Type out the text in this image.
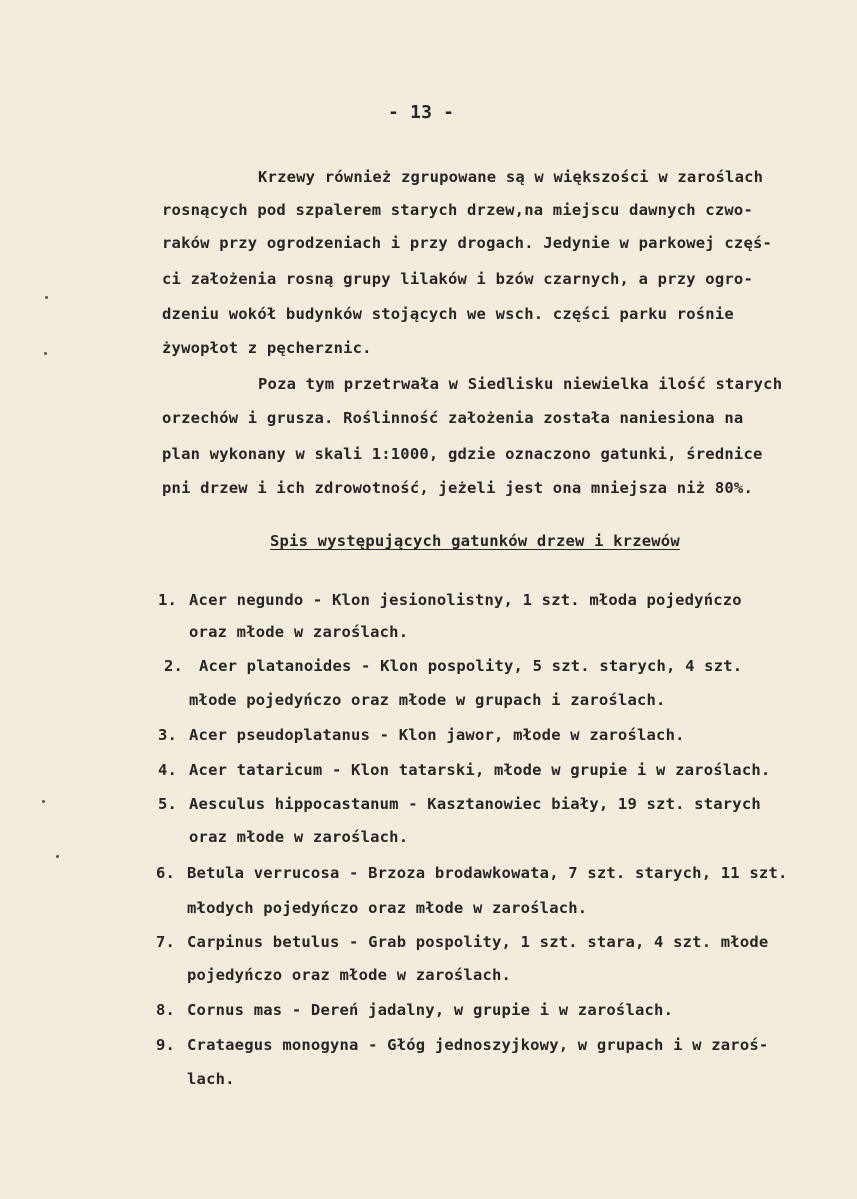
- 13 -
Krzewy również zgrupowane są w większości w zaroślach
rosnących pod szpalerem starych drzew,na miejscu dawnych czwo-
raków przy ogrodzeniach i przy drogach. Jedynie w parkowej częś-
ci założenia rosną grupy lilaków i bzów czarnych, a przy ogro-
dzeniu wokół budynków stojących we wsch. części parku rośnie
żywopłot z pęcherznic.
Poza tym przetrwała w Siedlisku niewielka ilość starych
orzechów i grusza. Roślinność założenia została naniesiona na
plan wykonany w skali 1:1000, gdzie oznaczono gatunki, średnice
pni drzew i ich zdrowotność, jeżeli jest ona mniejsza niż 80%.
Spis występujących gatunków drzew i krzewów
1. Acer negundo - Klon jesionolistny, 1 szt. młoda pojedyńczo
oraz młode w zaroślach.
2. Acer platanoides - Klon pospolity, 5 szt. starych, 4 szt.
młode pojedyńczo oraz młode w grupach i zaroślach.
3. Acer pseudoplatanus - Klon jawor, młode w zaroślach.
4. Acer tataricum - Klon tatarski, młode w grupie i w zaroślach.
5. Aesculus hippocastanum - Kasztanowiec biały, 19 szt. starych
oraz młode w zaroślach.
6. Betula verrucosa - Brzoza brodawkowata, 7 szt. starych, 11 szt.
młodych pojedyńczo oraz młode w zaroślach.
7. Carpinus betulus - Grab pospolity, 1 szt. stara, 4 szt. młode
pojedyńczo oraz młode w zaroślach.
8. Cornus mas - Dereń jadalny, w grupie i w zaroślach.
9. Crataegus monogyna - Głóg jednoszyjkowy, w grupach i w zaroś-
lach.
